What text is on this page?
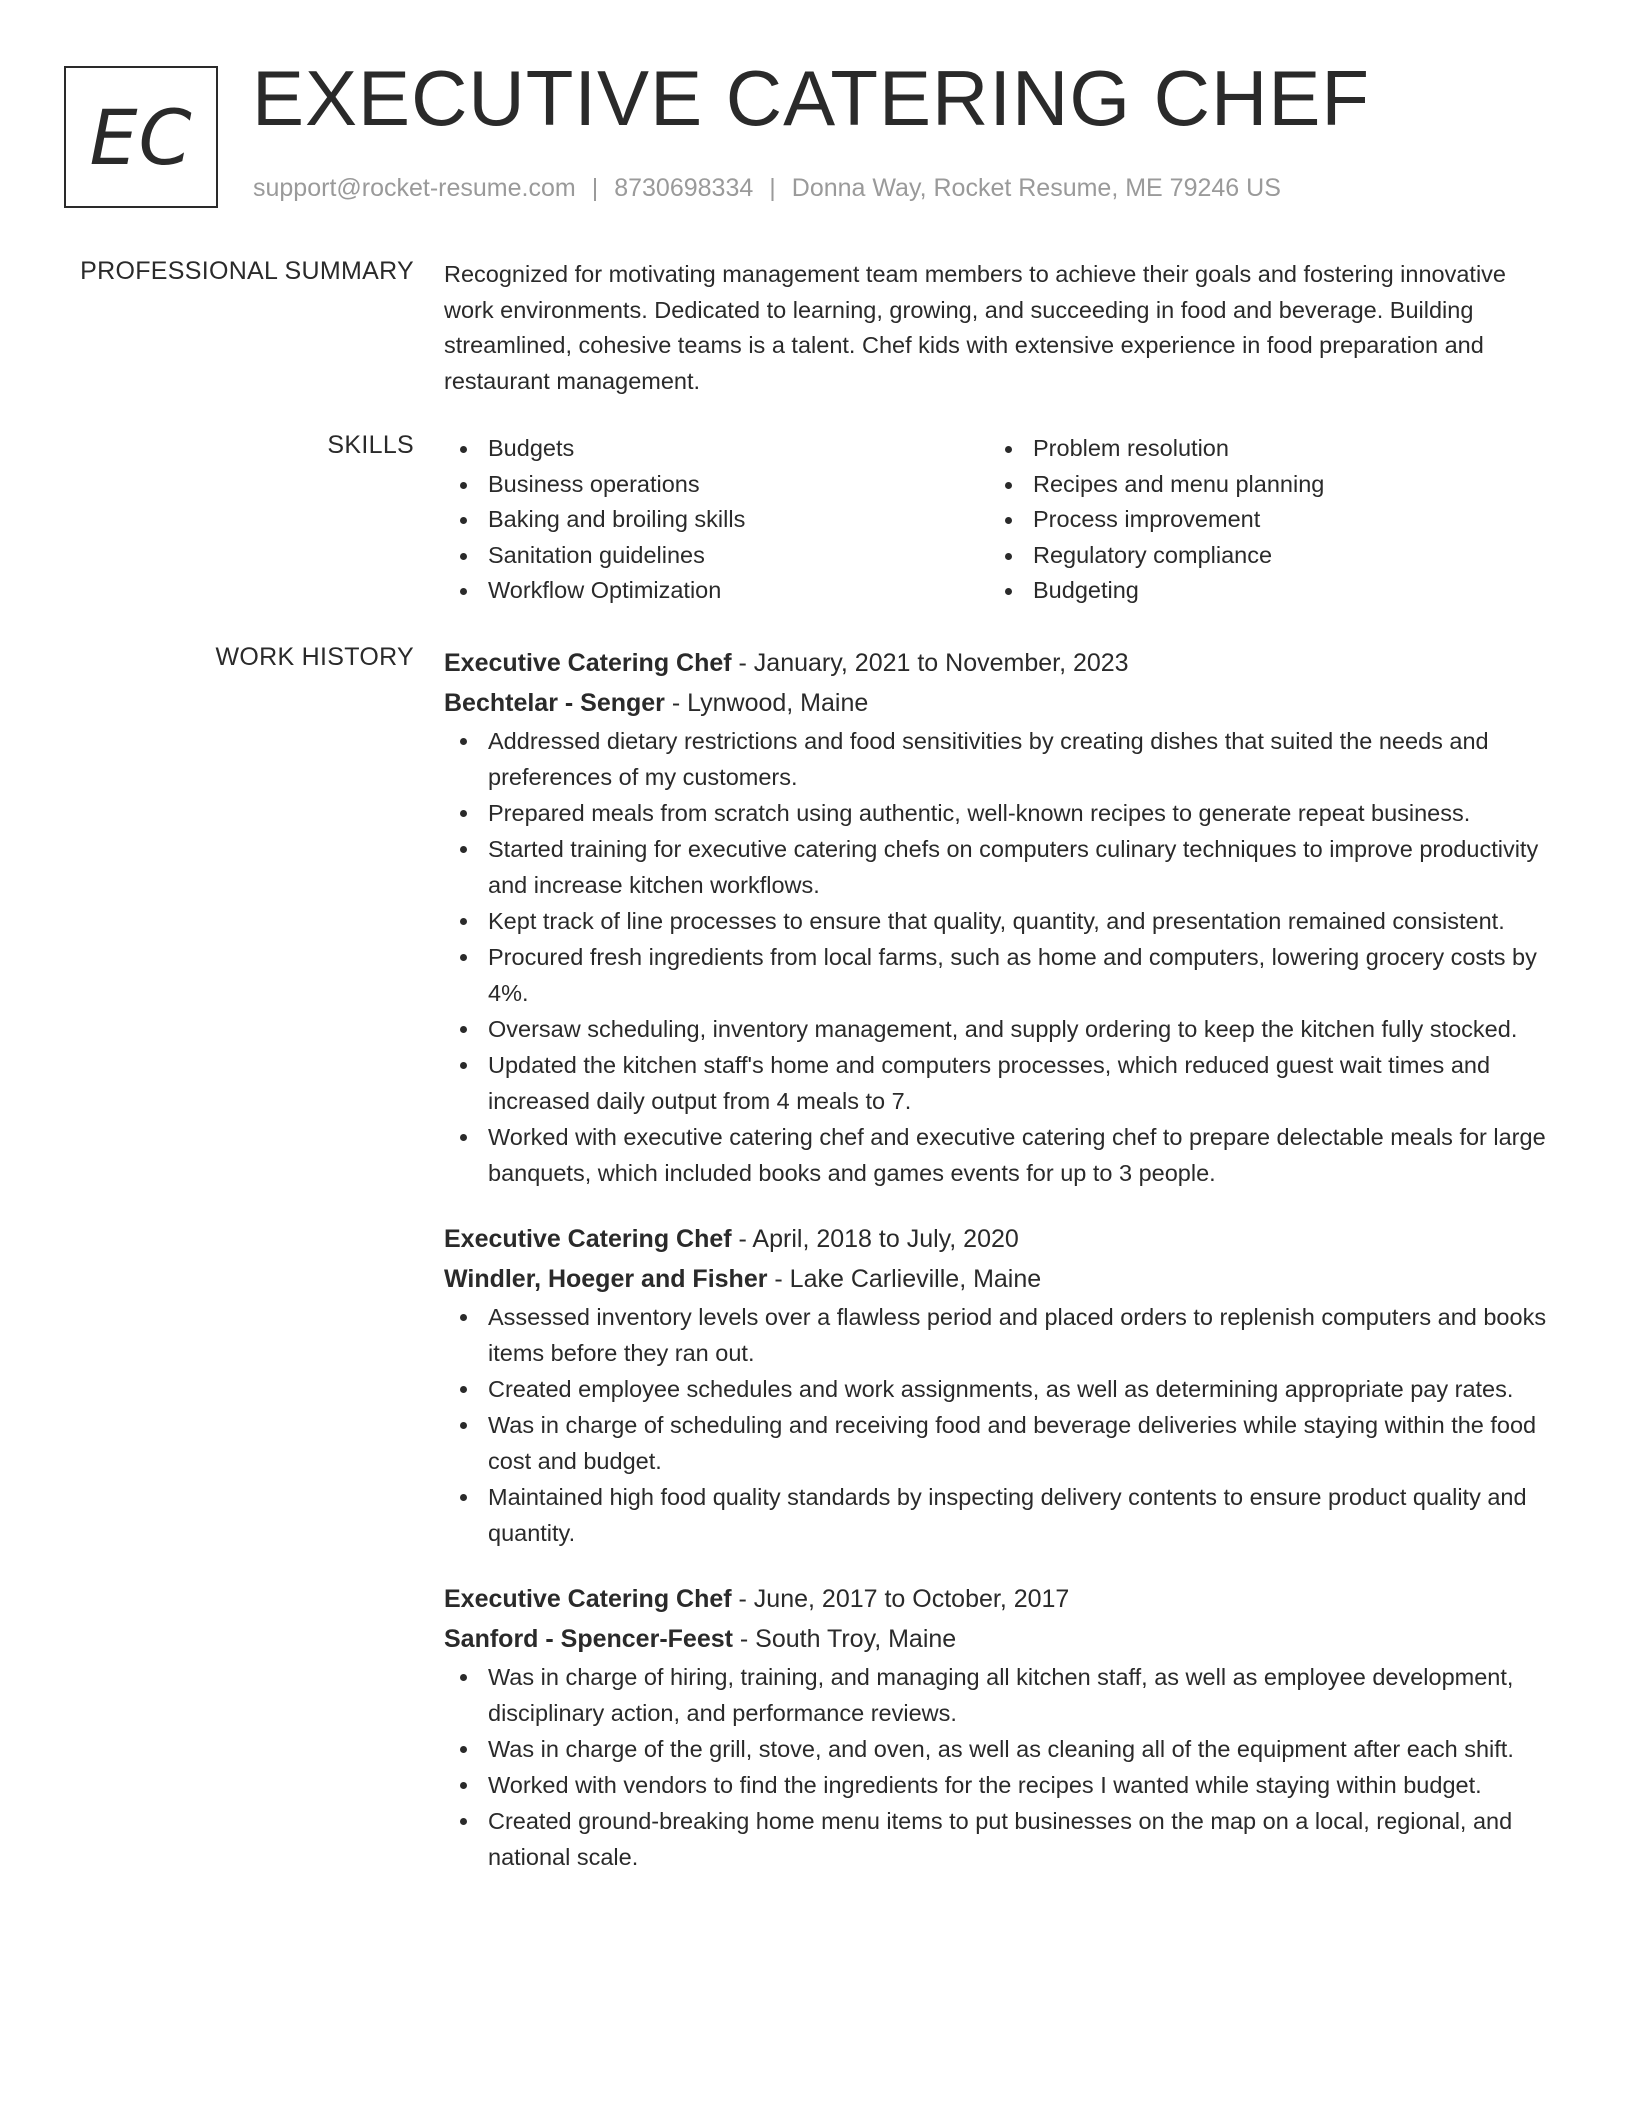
EC EXECUTIVE CATERING CHEF
support@rocket-resume.com | 8730698334 | Donna Way, Rocket Resume, ME 79246 US
PROFESSIONAL SUMMARY Recognized for motivating management team members to achieve their goals and fostering innovative work environments. Dedicated to learning, growing, and succeeding in food and beverage. Building streamlined, cohesive teams is a talent. Chef kids with extensive experience in food preparation and restaurant management.

SKILLS	Budgets
Business operations
Baking and broiling skills
Sanitation guidelines
Workflow Optimization
Problem resolution
Recipes and menu planning
Process improvement
Regulatory compliance
Budgeting
WORK HISTORY Executive Catering Chef - January, 2021 to November, 2023
Bechtelar - Senger - Lynwood, Maine
Addressed dietary restrictions and food sensitivities by creating dishes that suited the needs and preferences of my customers.
Prepared meals from scratch using authentic, well-known recipes to generate repeat business.
Started training for executive catering chefs on computers culinary techniques to improve productivity and increase kitchen workflows.
Kept track of line processes to ensure that quality, quantity, and presentation remained consistent.
Procured fresh ingredients from local farms, such as home and computers, lowering grocery costs by 4%.
Oversaw scheduling, inventory management, and supply ordering to keep the kitchen fully stocked.
Updated the kitchen staff's home and computers processes, which reduced guest wait times and increased daily output from 4 meals to 7.
Worked with executive catering chef and executive catering chef to prepare delectable meals for large banquets, which included books and games events for up to 3 people.
Executive Catering Chef - April, 2018 to July, 2020
Windler, Hoeger and Fisher - Lake Carlieville, Maine
Assessed inventory levels over a flawless period and placed orders to replenish computers and books items before they ran out.
Created employee schedules and work assignments, as well as determining appropriate pay rates.
Was in charge of scheduling and receiving food and beverage deliveries while staying within the food cost and budget.
Maintained high food quality standards by inspecting delivery contents to ensure product quality and quantity.
Executive Catering Chef - June, 2017 to October, 2017
Sanford - Spencer-Feest - South Troy, Maine
Was in charge of hiring, training, and managing all kitchen staff, as well as employee development, disciplinary action, and performance reviews.
Was in charge of the grill, stove, and oven, as well as cleaning all of the equipment after each shift.
Worked with vendors to find the ingredients for the recipes I wanted while staying within budget.
Created ground-breaking home menu items to put businesses on the map on a local, regional, and national scale.
